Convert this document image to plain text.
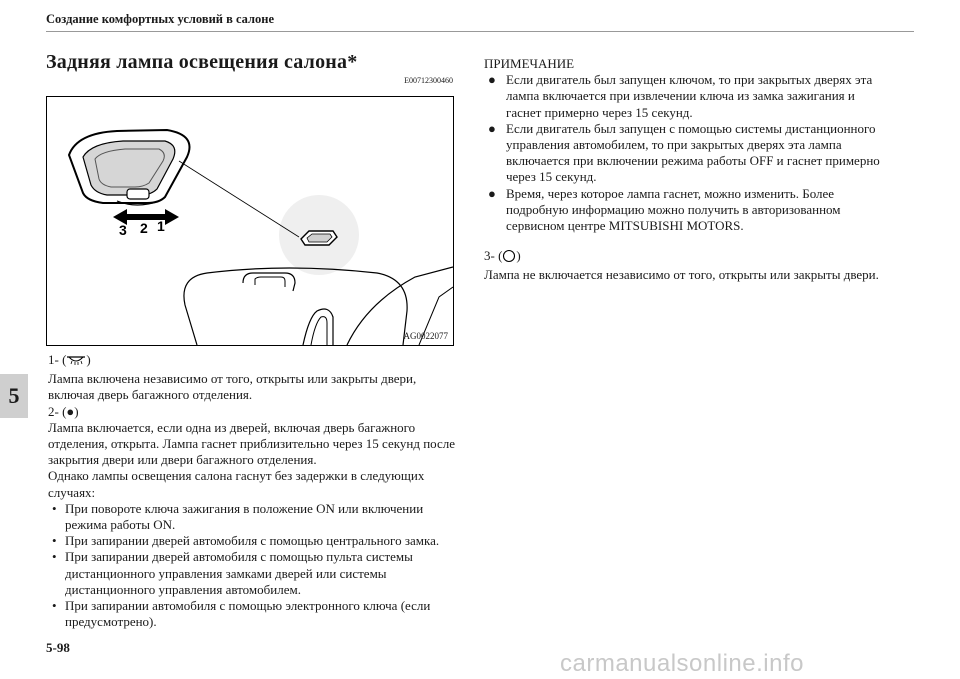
Создание комфортных условий в салоне
Задняя лампа освещения салона*
E00712300460
3 2 1
AG0022077
1- ( )
Лампа включена независимо от того, открыты или закрыты двери, включая дверь багажного отделения.
2- (●)
Лампа включается, если одна из дверей, включая дверь багажного отделения, открыта. Лампа гаснет приблизительно через 15 секунд после закрытия двери или двери багажного отделения.
Однако лампы освещения салона гаснут без задержки в следующих случаях:
• При повороте ключа зажигания в положение ON или включении режима работы ON.
• При запирании дверей автомобиля с помощью центрального замка.
• При запирании дверей автомобиля с помощью пульта системы дистанционного управления замками дверей или системы дистанционного управления автомобилем.
• При запирании автомобиля с помощью электронного ключа (если предусмотрено).
ПРИМЕЧАНИЕ
● Если двигатель был запущен ключом, то при закрытых дверях эта лампа включается при извлечении ключа из замка зажигания и гаснет примерно через 15 секунд.
● Если двигатель был запущен с помощью системы дистанционного управления автомобилем, то при закрытых дверях эта лампа включается при включении режима работы OFF и гаснет примерно через 15 секунд.
● Время, через которое лампа гаснет, можно изменить. Более подробную информацию можно получить в авторизованном сервисном центре MITSUBISHI MOTORS.
3- ( )
Лампа не включается независимо от того, открыты или закрыты двери.
5
5-98
carmanualsonline.info
